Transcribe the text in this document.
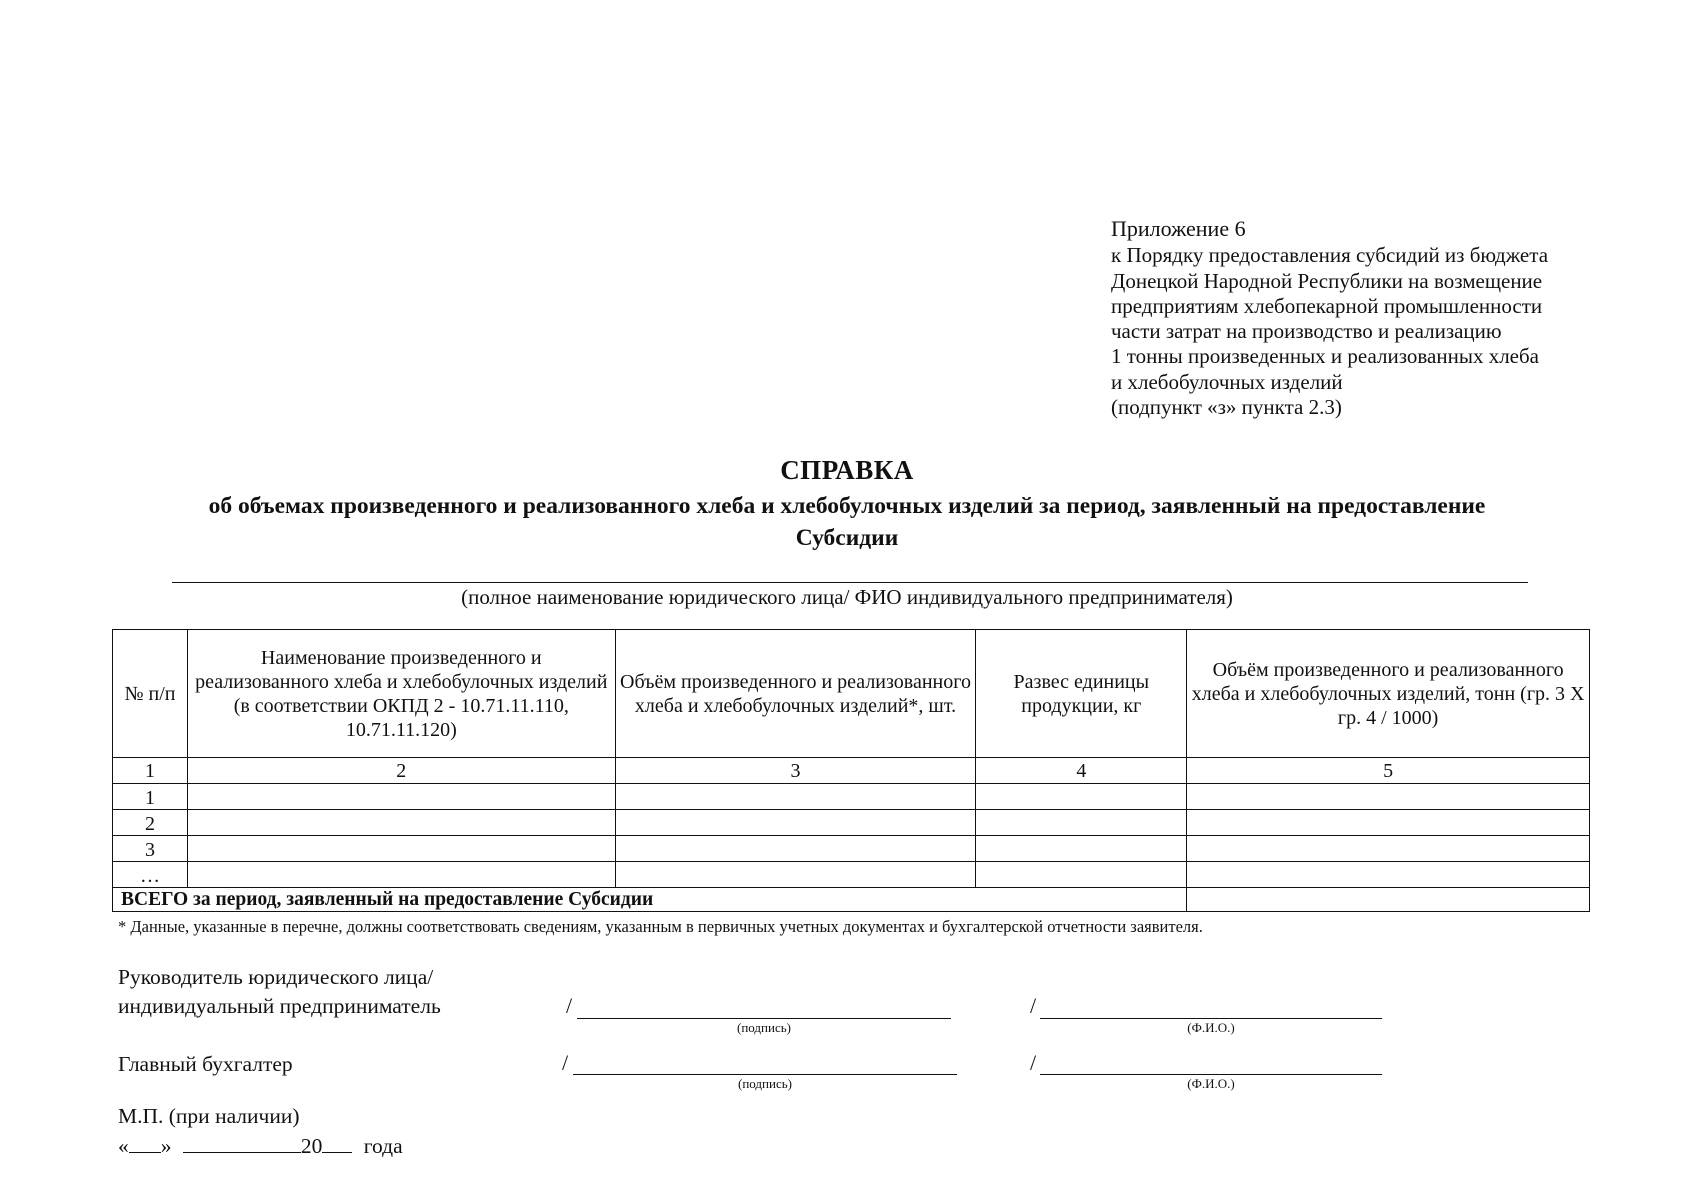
Приложение 6
к Порядку предоставления субсидий из бюджета
Донецкой Народной Республики на возмещение
предприятиям хлебопекарной промышленности
части затрат на производство и реализацию
1 тонны произведенных и реализованных хлеба
и хлебобулочных изделий
(подпункт «з» пункта 2.3)
СПРАВКА
об объемах произведенного и реализованного хлеба и хлебобулочных изделий за период, заявленный на предоставление Субсидии
(полное наименование юридического лица/ ФИО индивидуального предпринимателя)
№ п/п	Наименование произведенного и реализованного хлеба и хлебобулочных изделий (в соответствии ОКПД 2 - 10.71.11.110, 10.71.11.120)	Объём произведенного и реализованного хлеба и хлебобулочных изделий*, шт.	Развес единицы продукции, кг	Объём произведенного и реализованного хлеба и хлебобулочных изделий, тонн (гр. 3 Х гр. 4 / 1000)
1	2	3	4	5
1				
2				
3				
…				
ВСЕГО за период, заявленный на предоставление Субсидии				
* Данные, указанные в перечне, должны соответствовать сведениям, указанным в первичных учетных документах и бухгалтерской отчетности заявителя.
Руководитель юридического лица/
индивидуальный предприниматель	/
(подпись)
/
(Ф.И.О.)
Главный бухгалтер	/
(подпись)
/
(Ф.И.О.)
М.П. (при наличии)
« »	20 года
